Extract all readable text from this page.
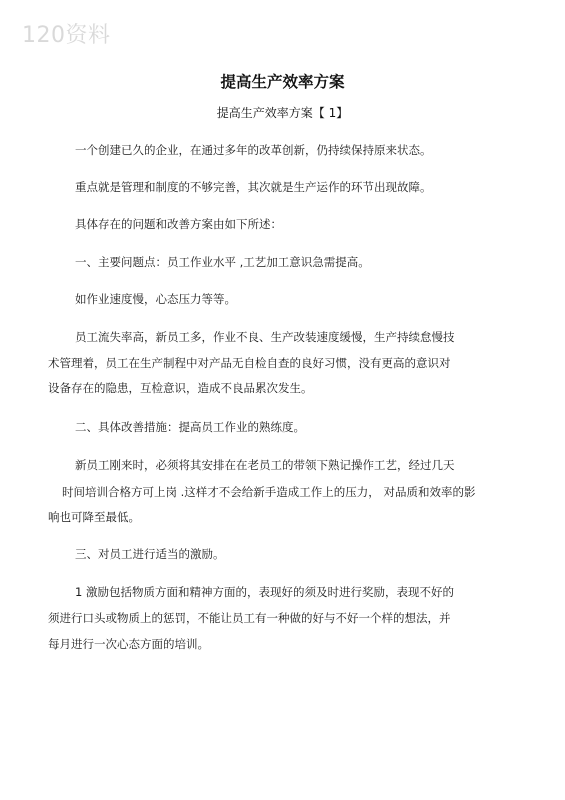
120资料
提高生产效率方案
提高生产效率方案【 1】
一个创建已久的企业，在通过多年的改革创新，仍持续保持原来状态。
重点就是管理和制度的不够完善，其次就是生产运作的环节出现故障。
具体存在的问题和改善方案由如下所述：
一、主要问题点：员工作业水平 ,工艺加工意识急需提高。
如作业速度慢，心态压力等等。
员工流失率高，新员工多，作业不良、生产改装速度缓慢，生产持续怠慢技
术管理着，员工在生产制程中对产品无自检自查的良好习惯，没有更高的意识对
设备存在的隐患，互检意识，造成不良品累次发生。
二、具体改善措施：提高员工作业的熟练度。
新员工刚来时，必须将其安排在在老员工的带领下熟记操作工艺，经过几天
时间培训合格方可上岗 .这样才不会给新手造成工作上的压力， 对品质和效率的影
响也可降至最低。
三、对员工进行适当的激励。
1 激励包括物质方面和精神方面的，表现好的须及时进行奖励，表现不好的
须进行口头或物质上的惩罚，不能让员工有一种做的好与不好一个样的想法，并
每月进行一次心态方面的培训。
